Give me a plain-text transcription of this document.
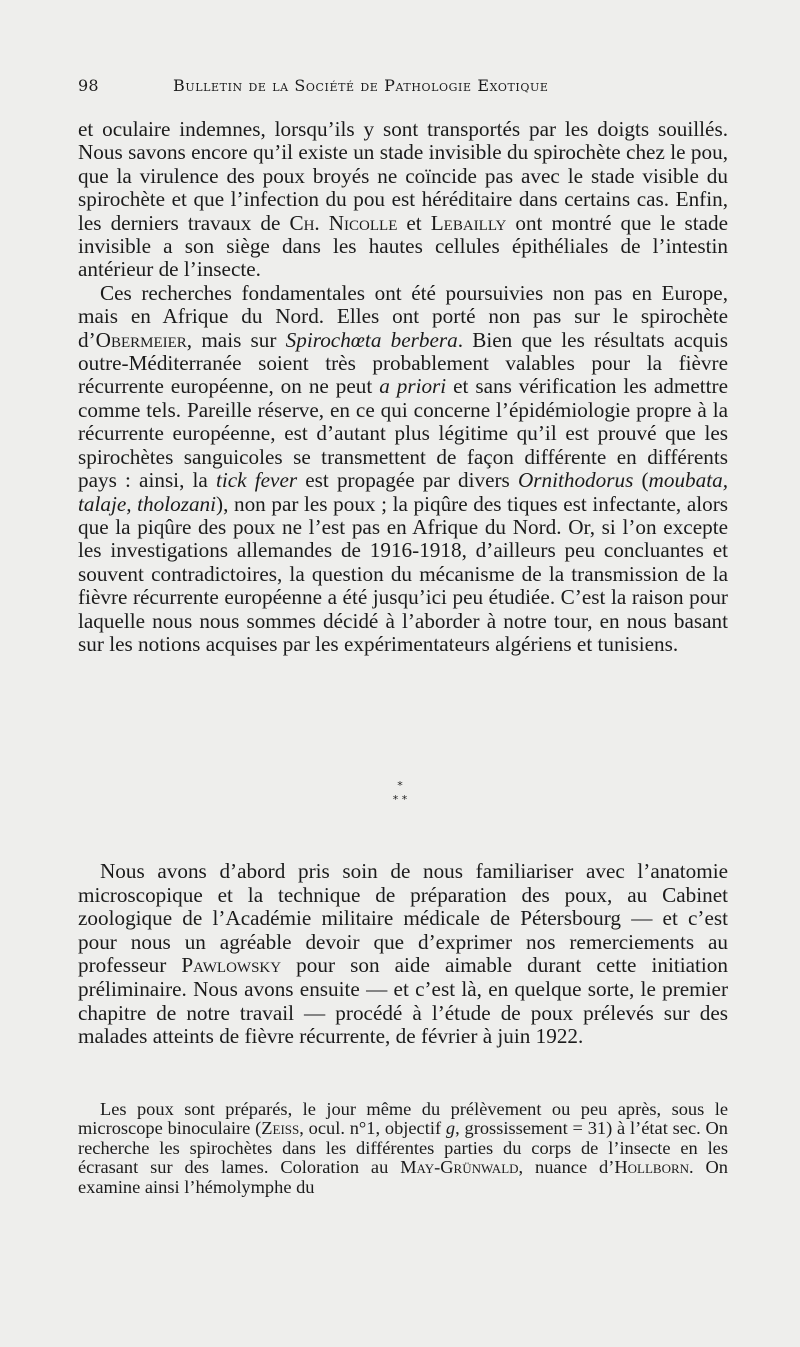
98	Bulletin de la Société de Pathologie Exotique

et oculaire indemnes, lorsqu’ils y sont transportés par les doigts souillés. Nous savons encore qu’il existe un stade invisible du spirochète chez le pou, que la virulence des poux broyés ne coïncide pas avec le stade visible du spirochète et que l’infection du pou est héréditaire dans certains cas. Enfin, les derniers travaux de Ch. Nicolle et Lebailly ont montré que le stade invisible a son siège dans les hautes cellules épithéliales de l’intestin antérieur de l’insecte.

Ces recherches fondamentales ont été poursuivies non pas en Europe, mais en Afrique du Nord. Elles ont porté non pas sur le spirochète d’Obermeier, mais sur Spirochœta berbera. Bien que les résultats acquis outre-Méditerranée soient très probablement valables pour la fièvre récurrente européenne, on ne peut a priori et sans vérification les admettre comme tels. Pareille réserve, en ce qui concerne l’épidémiologie propre à la récurrente européenne, est d’autant plus légitime qu’il est prouvé que les spirochètes sanguicoles se transmettent de façon différente en différents pays : ainsi, la tick fever est propagée par divers Ornithodorus (moubata, talaje, tholozani), non par les poux ; la piqûre des tiques est infectante, alors que la piqûre des poux ne l’est pas en Afrique du Nord. Or, si l’on excepte les investigations allemandes de 1916-1918, d’ailleurs peu concluantes et souvent contradictoires, la question du mécanisme de la transmission de la fièvre récurrente européenne a été jusqu’ici peu étudiée. C’est la raison pour laquelle nous nous sommes décidé à l’aborder à notre tour, en nous basant sur les notions acquises par les expérimentateurs algériens et tunisiens.

*
* *

Nous avons d’abord pris soin de nous familiariser avec l’anatomie microscopique et la technique de préparation des poux, au Cabinet zoologique de l’Académie militaire médicale de Pétersbourg — et c’est pour nous un agréable devoir que d’exprimer nos remerciements au professeur Pawlowsky pour son aide aimable durant cette initiation préliminaire. Nous avons ensuite — et c’est là, en quelque sorte, le premier chapitre de notre travail — procédé à l’étude de poux prélevés sur des malades atteints de fièvre récurrente, de février à juin 1922.

Les poux sont préparés, le jour même du prélèvement ou peu après, sous le microscope binoculaire (Zeiss, ocul. n°1, objectif g, grossissement = 31) à l’état sec. On recherche les spirochètes dans les différentes parties du corps de l’insecte en les écrasant sur des lames. Coloration au May-Grünwald, nuance d’Hollborn. On examine ainsi l’hémolymphe du
